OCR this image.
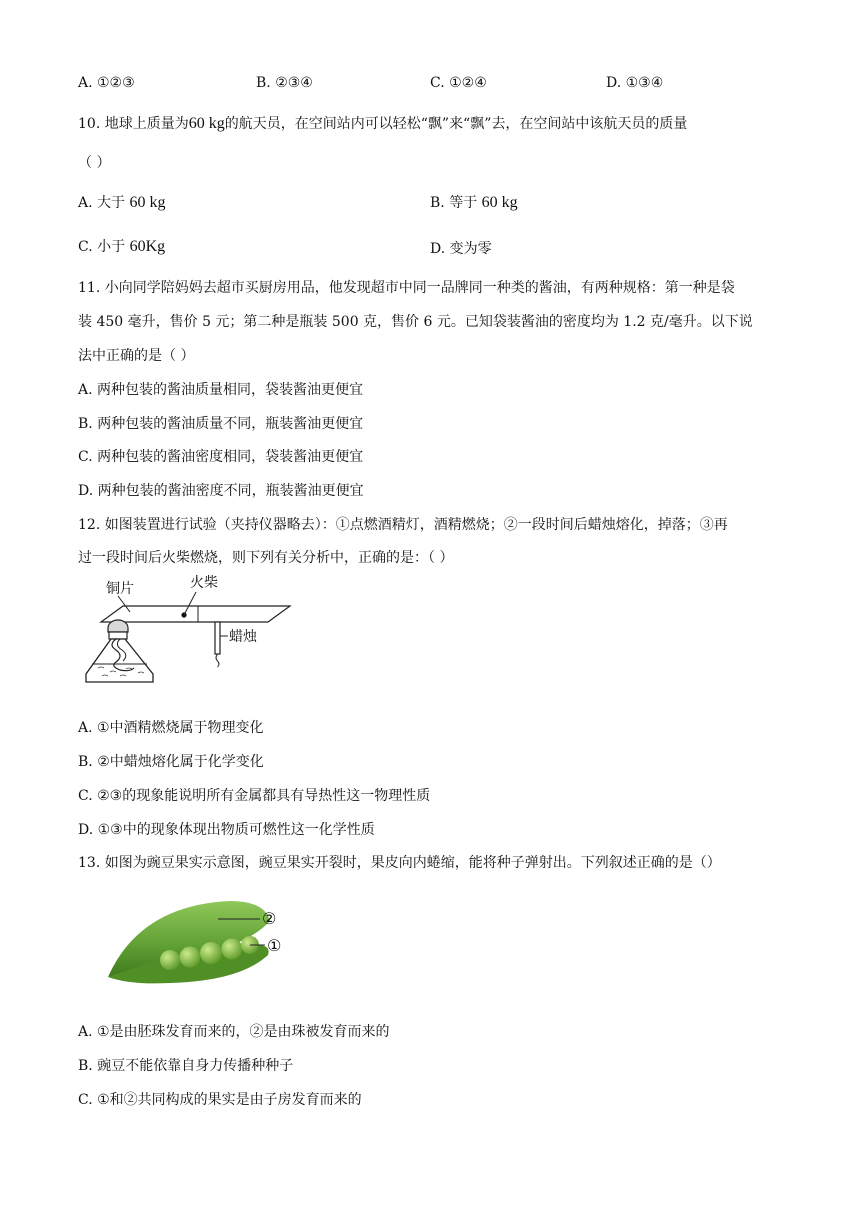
A. ①②③	B. ②③④	C. ①②④	D. ①③④
10. 地球上质量为60 kg的航天员，在空间站内可以轻松“飘”来“飘”去，在空间站中该航天员的质量
（ ）
A. 大于 60 kg	B. 等于 60 kg
C. 小于 60Kg	D. 变为零
11. 小向同学陪妈妈去超市买厨房用品，他发现超市中同一品牌同一种类的酱油，有两种规格：第一种是袋
装 450 毫升，售价 5 元；第二种是瓶装 500 克，售价 6 元。已知袋装酱油的密度均为 1.2 克/毫升。以下说
法中正确的是（ ）
A. 两种包装的酱油质量相同，袋装酱油更便宜
B. 两种包装的酱油质量不同，瓶装酱油更便宜
C. 两种包装的酱油密度相同，袋装酱油更便宜
D. 两种包装的酱油密度不同，瓶装酱油更便宜
12. 如图装置进行试验（夹持仪器略去）：①点燃酒精灯，酒精燃烧；②一段时间后蜡烛熔化，掉落；③再
过一段时间后火柴燃烧，则下列有关分析中，正确的是：（ ）
铜片	火柴
蜡烛
A. ①中酒精燃烧属于物理变化
B. ②中蜡烛熔化属于化学变化
C. ②③的现象能说明所有金属都具有导热性这一物理性质
D. ①③中的现象体现出物质可燃性这一化学性质
13. 如图为豌豆果实示意图，豌豆果实开裂时，果皮向内蜷缩，能将种子弹射出。下列叙述正确的是（）
②
①
A. ①是由胚珠发育而来的，②是由珠被发育而来的
B. 豌豆不能依靠自身力传播种种子
C. ①和②共同构成的果实是由子房发育而来的
